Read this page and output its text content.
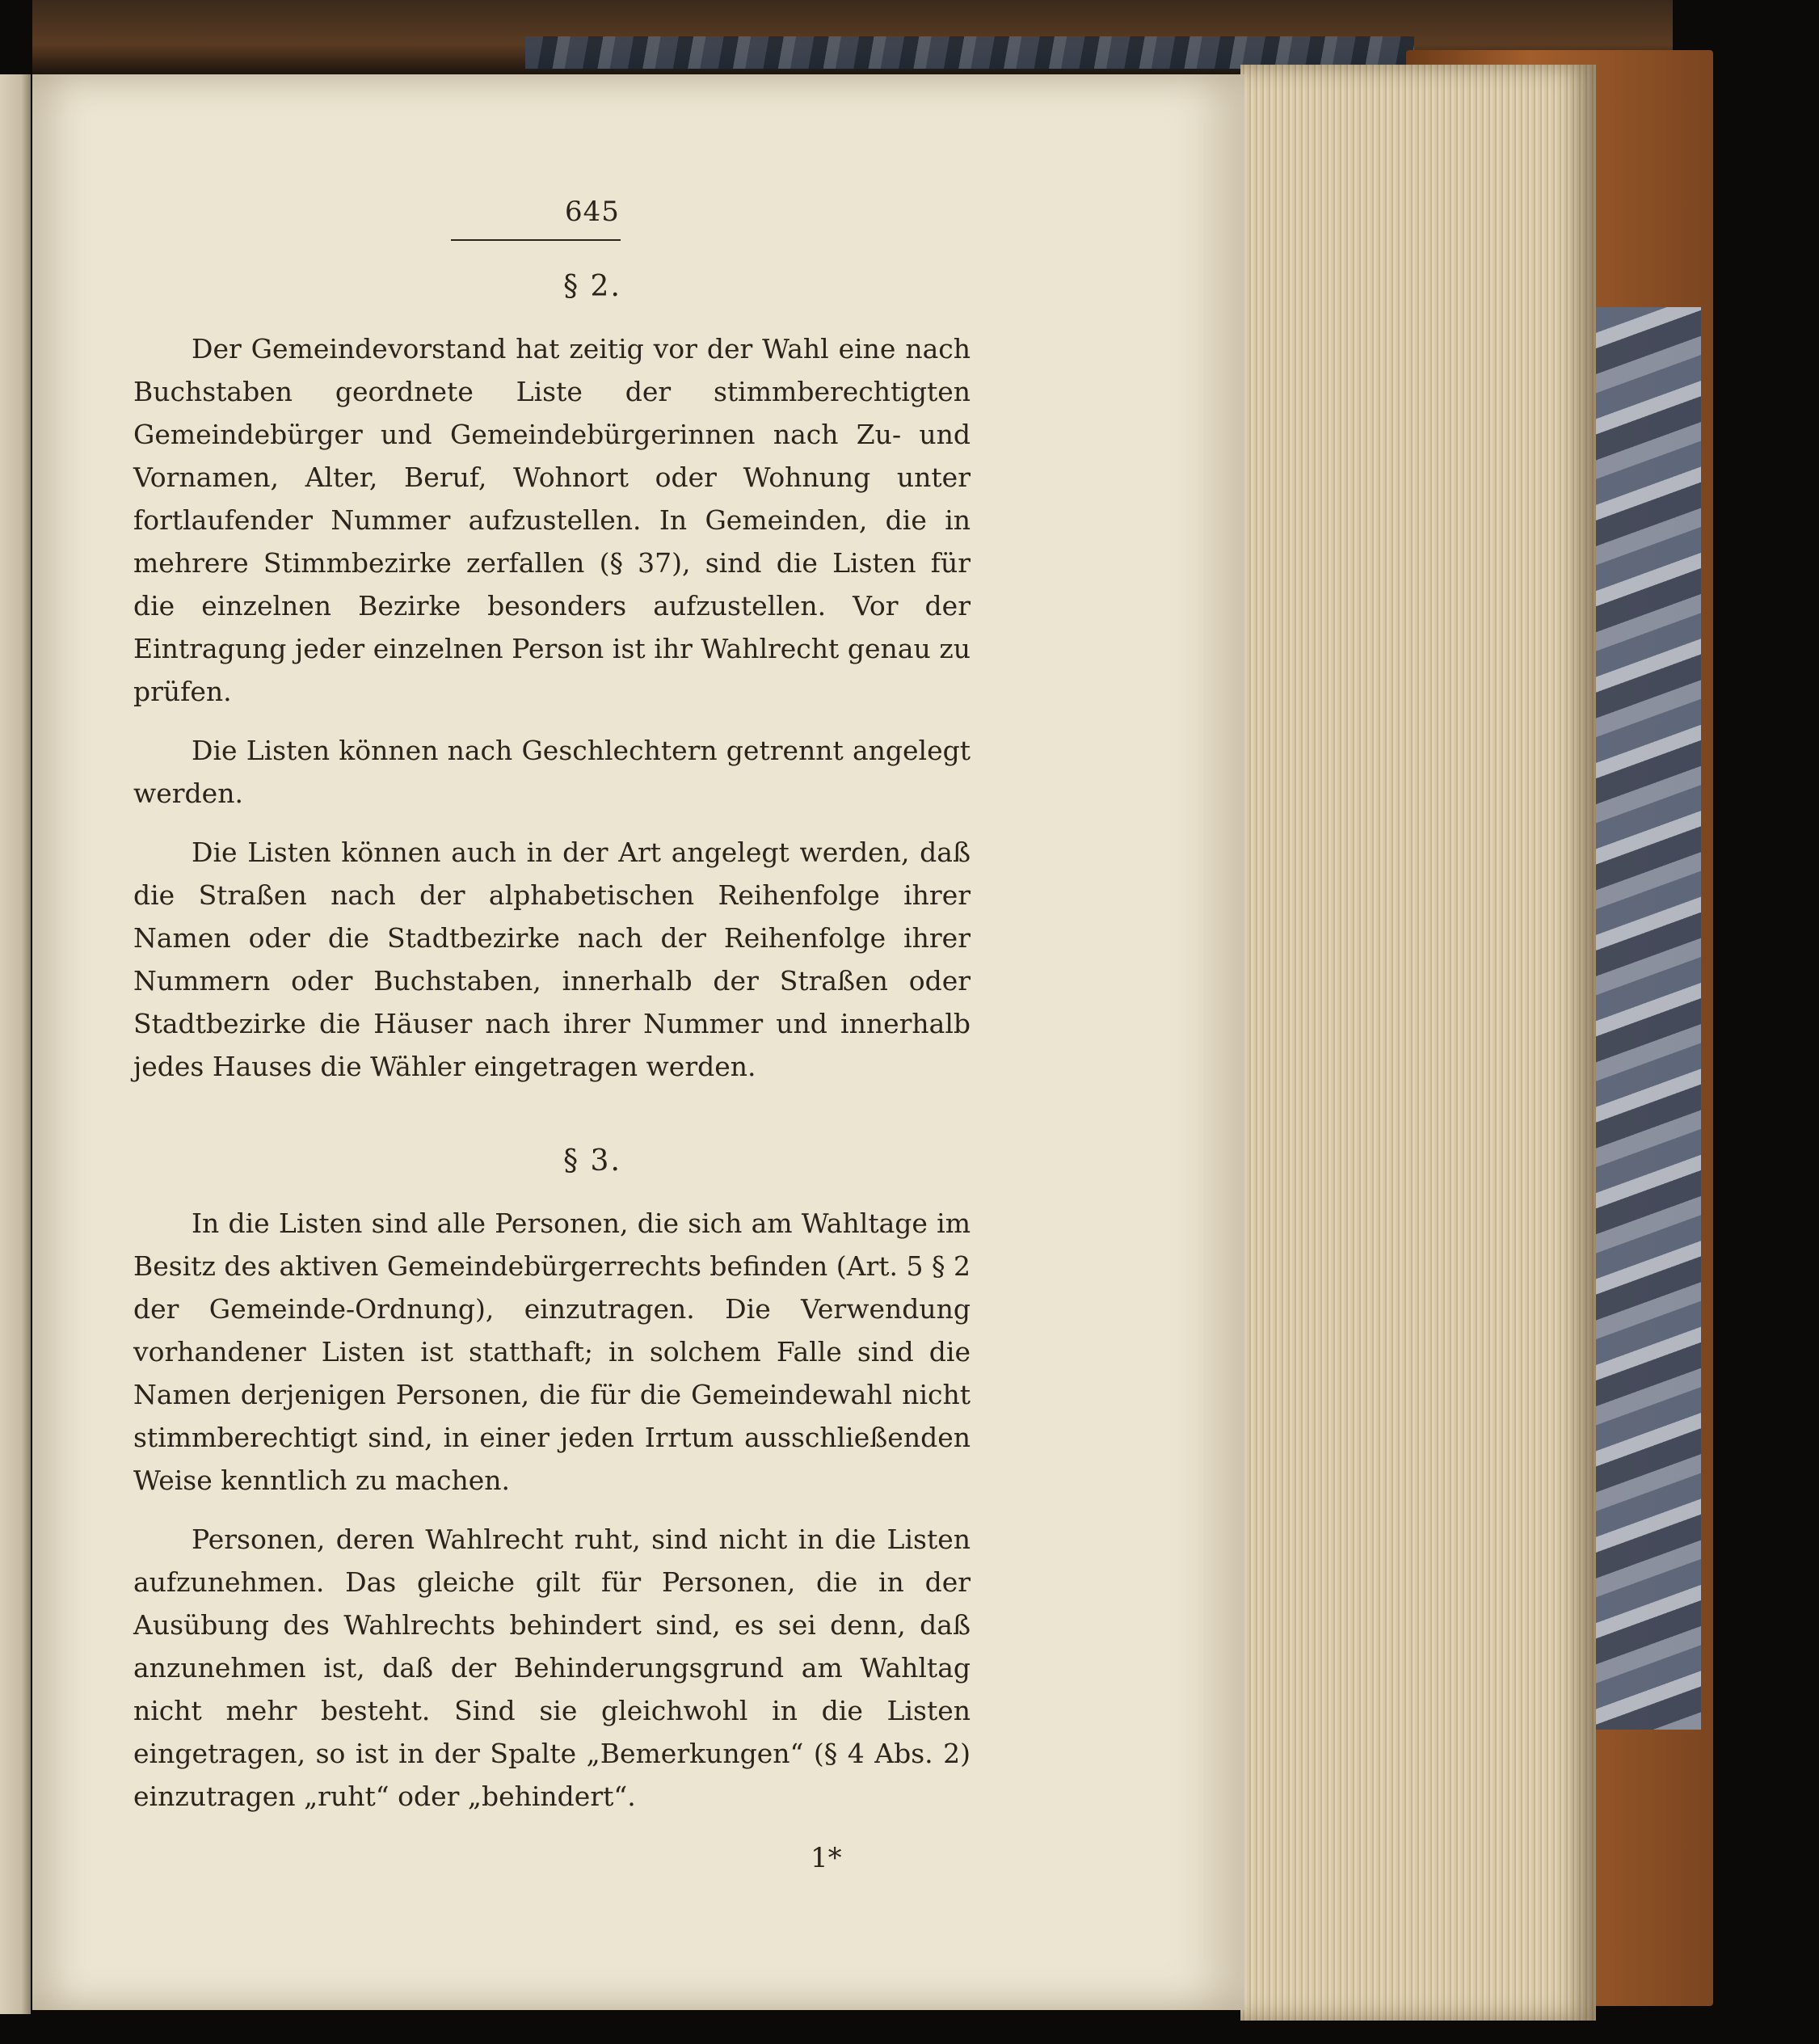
645
§ 2.

Der Gemeindevorstand hat zeitig vor der Wahl eine nach Buchstaben geordnete Liste der stimmberechtigten Gemeindebürger und Gemeindebürgerinnen nach Zu- und Vornamen, Alter, Beruf, Wohnort oder Wohnung unter fortlaufender Nummer aufzustellen. In Gemeinden, die in mehrere Stimmbezirke zerfallen (§ 37), sind die Listen für die einzelnen Bezirke besonders aufzustellen. Vor der Eintragung jeder einzelnen Person ist ihr Wahlrecht genau zu prüfen.

Die Listen können nach Geschlechtern getrennt angelegt werden.

Die Listen können auch in der Art angelegt werden, daß die Straßen nach der alphabetischen Reihenfolge ihrer Namen oder die Stadtbezirke nach der Reihenfolge ihrer Nummern oder Buchstaben, innerhalb der Straßen oder Stadtbezirke die Häuser nach ihrer Nummer und innerhalb jedes Hauses die Wähler eingetragen werden.

§ 3.

In die Listen sind alle Personen, die sich am Wahltage im Besitz des aktiven Gemeindebürgerrechts befinden (Art. 5 § 2 der Gemeinde-Ordnung), einzutragen. Die Verwendung vorhandener Listen ist statthaft; in solchem Falle sind die Namen derjenigen Personen, die für die Gemeindewahl nicht stimmberechtigt sind, in einer jeden Irrtum ausschließenden Weise kenntlich zu machen.

Personen, deren Wahlrecht ruht, sind nicht in die Listen aufzunehmen. Das gleiche gilt für Personen, die in der Ausübung des Wahlrechts behindert sind, es sei denn, daß anzunehmen ist, daß der Behinderungsgrund am Wahltag nicht mehr besteht. Sind sie gleichwohl in die Listen eingetragen, so ist in der Spalte „Bemerkungen“ (§ 4 Abs. 2) einzutragen „ruht“ oder „behindert“.

1*
